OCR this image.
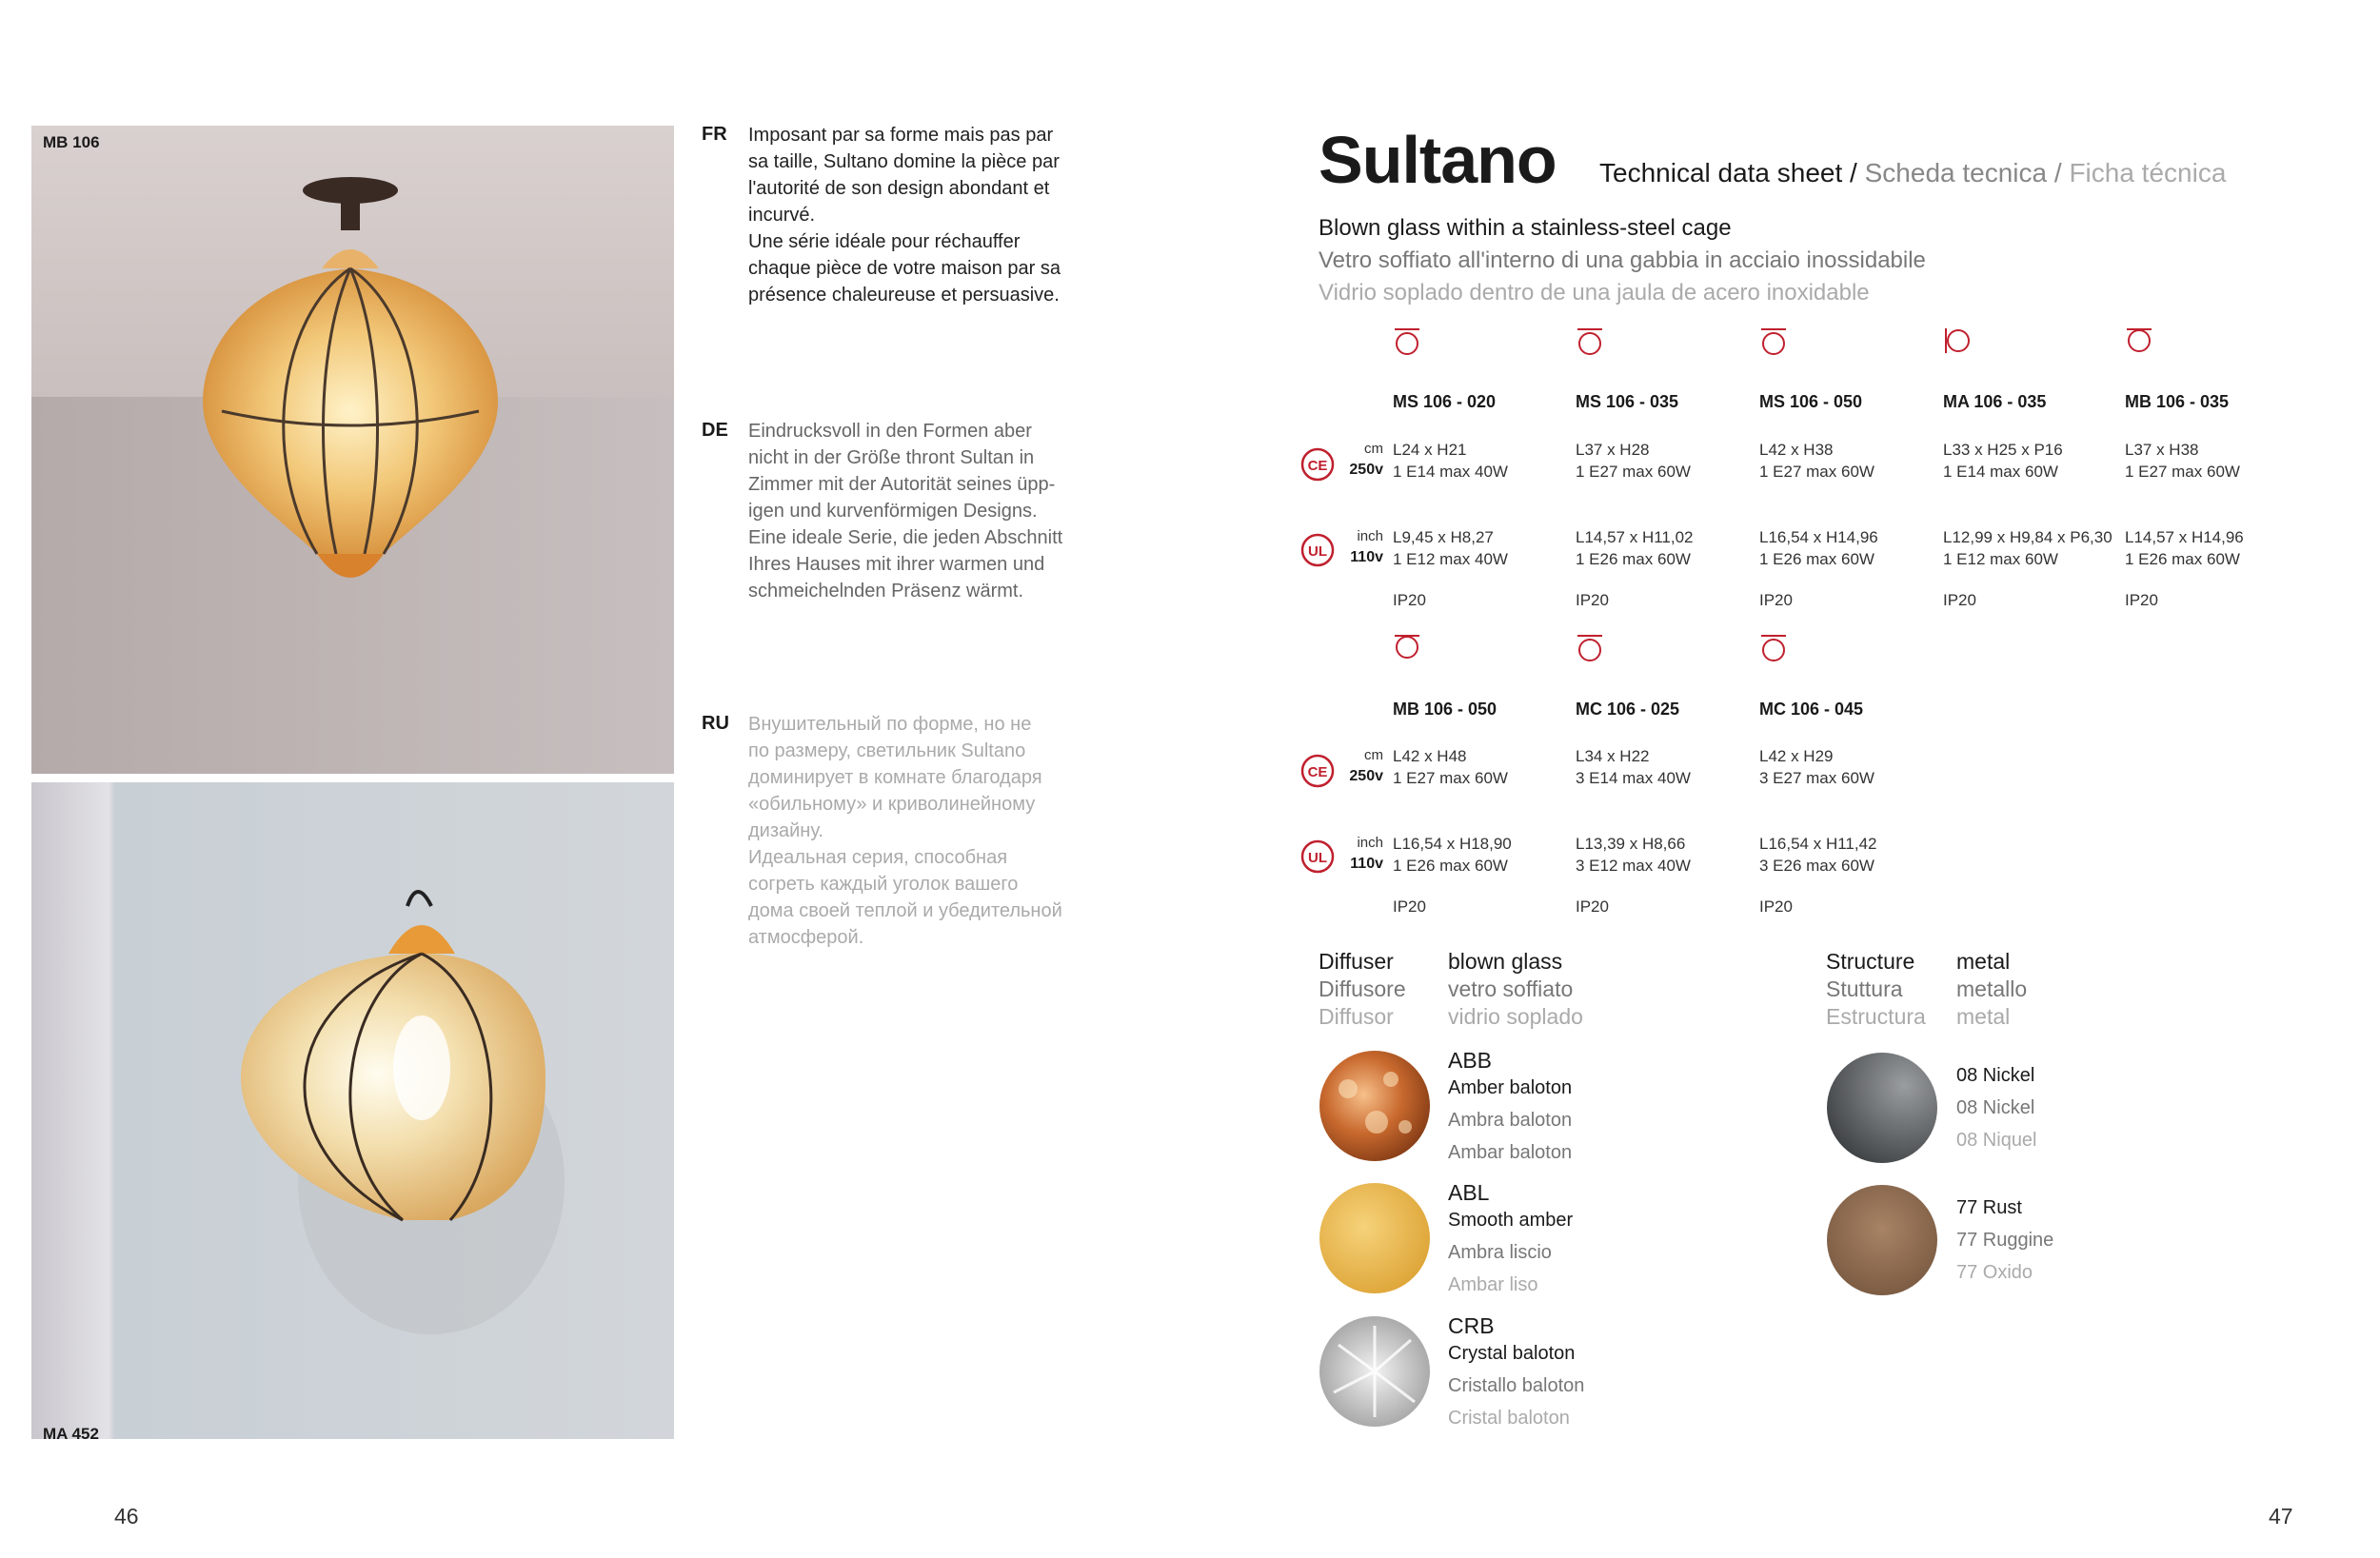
MB 106
MA 452
FR Imposant par sa forme mais pas par
sa taille, Sultano domine la pièce par
l'autorité de son design abondant et
incurvé.
Une série idéale pour réchauffer
chaque pièce de votre maison par sa
présence chaleureuse et persuasive.
DE Eindrucksvoll in den Formen aber
nicht in der Größe thront Sultan in
Zimmer mit der Autorität seines üpp-
igen und kurvenförmigen Designs.
Eine ideale Serie, die jeden Abschnitt
Ihres Hauses mit ihrer warmen und
schmeichelnden Präsenz wärmt.
RU Внушительный по форме, но не
по размеру, светильник Sultano
доминирует в комнате благодаря
«обильному» и криволинейному
дизайну.
Идеальная серия, способная
согреть каждый уголок вашего
дома своей теплой и убедительной
атмосферой.
Sultano Technical data sheet / Scheda tecnica / Ficha técnica
Blown glass within a stainless-steel cage
Vetro soffiato all'interno di una gabbia in acciaio inossidabile
Vidrio soplado dentro de una jaula de acero inoxidable
MS 106 - 020
L24 x H21
1 E14 max 40W
L9,45 x H8,27
1 E12 max 40W
IP20
MS 106 - 035
L37 x H28
1 E27 max 60W
L14,57 x H11,02
1 E26 max 60W
IP20
MS 106 - 050
L42 x H38
1 E27 max 60W
L16,54 x H14,96
1 E26 max 60W
IP20
MA 106 - 035
L33 x H25 x P16
1 E14 max 60W
L12,99 x H9,84 x P6,30
1 E12 max 60W
IP20
MB 106 - 035
L37 x H38
1 E27 max 60W
L14,57 x H14,96
1 E26 max 60W
IP20
MB 106 - 050
L42 x H48
1 E27 max 60W
L16,54 x H18,90
1 E26 max 60W
IP20
MC 106 - 025
L34 x H22
3 E14 max 40W
L13,39 x H8,66
3 E12 max 40W
IP20
MC 106 - 045
L42 x H29
3 E27 max 60W
L16,54 x H11,42
3 E26 max 60W
IP20
CE
cm
250v
UL
inch
110v
CE
cm
250v
UL
inch
110v
Diffuser
Diffusore
Diffusor
blown glass
vetro soffiato
vidrio soplado
Structure
Stuttura
Estructura
metal
metallo
metal
ABB
Amber baloton
Ambra baloton
Ambar baloton
ABL
Smooth amber
Ambra liscio
Ambar liso
CRB
Crystal baloton
Cristallo baloton
Cristal baloton
08 Nickel
08 Nickel
08 Niquel
77 Rust
77 Ruggine
77 Oxido
46	47
